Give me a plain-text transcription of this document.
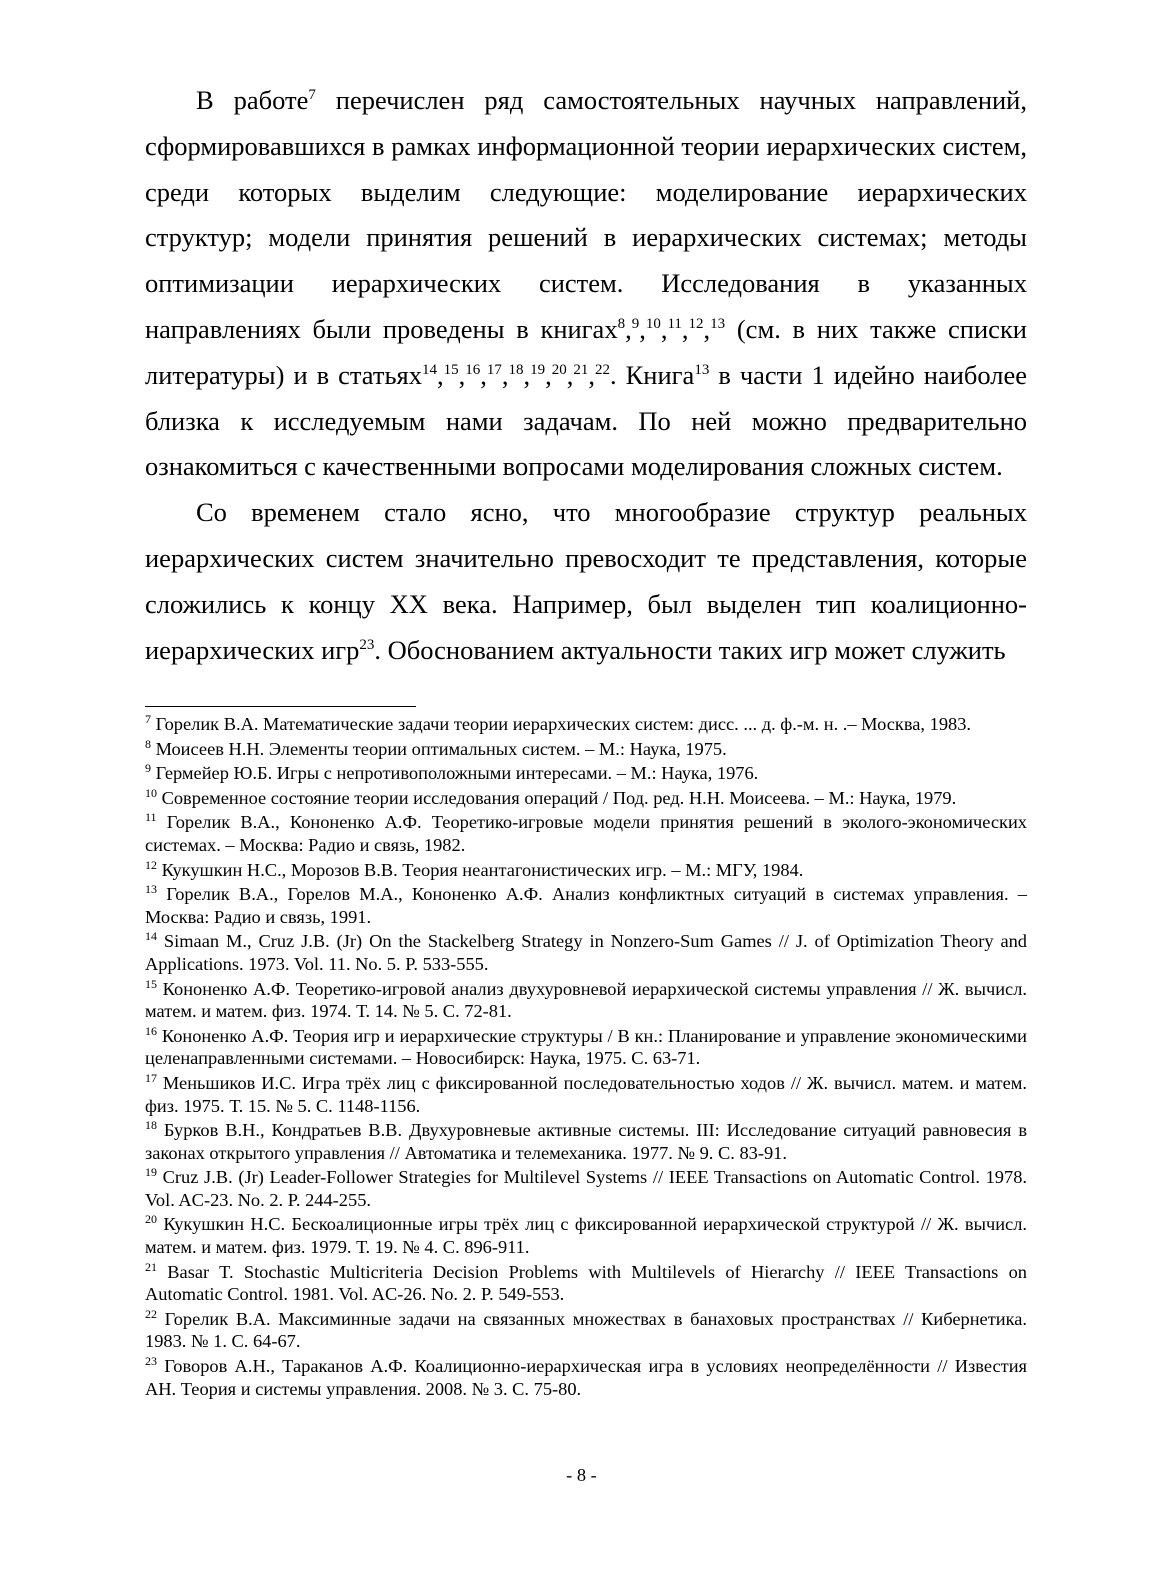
В работе$^7$ перечислен ряд самостоятельных научных направлений, сформировавшихся в рамках информационной теории иерархических систем, среди которых выделим следующие: моделирование иерархических структур; модели принятия решений в иерархических системах; методы оптимизации иерархических систем. Исследования в указанных направлениях были проведены в книгах$^8$,$^9$,$^{10}$,$^{11}$,$^{12}$,$^{13}$ (см. в них также списки литературы) и в статьях$^{14}$,$^{15}$,$^{16}$,$^{17}$,$^{18}$,$^{19}$,$^{20}$,$^{21}$,$^{22}$. Книга$^{13}$ в части 1 идейно наиболее близка к исследуемым нами задачам. По ней можно предварительно ознакомиться с качественными вопросами моделирования сложных систем.

Со временем стало ясно, что многообразие структур реальных иерархических систем значительно превосходит те представления, которые сложились к концу XX века. Например, был выделен тип коалиционно-иерархических игр$^{23}$. Обоснованием актуальности таких игр может служить

$^7$ Горелик В.А. Математические задачи теории иерархических систем: дисс. ... д. ф.-м. н. .– Москва, 1983.
$^8$ Моисеев Н.Н. Элементы теории оптимальных систем. – М.: Наука, 1975.
$^9$ Гермейер Ю.Б. Игры с непротивоположными интересами. – М.: Наука, 1976.
$^{10}$ Современное состояние теории исследования операций / Под. ред. Н.Н. Моисеева. – М.: Наука, 1979.
$^{11}$ Горелик В.А., Кононенко А.Ф. Теоретико-игровые модели принятия решений в эколого-экономических системах. – Москва: Радио и связь, 1982.
$^{12}$ Кукушкин Н.С., Морозов В.В. Теория неантагонистических игр. – М.: МГУ, 1984.
$^{13}$ Горелик В.А., Горелов М.А., Кононенко А.Ф. Анализ конфликтных ситуаций в системах управления. – Москва: Радио и связь, 1991.
$^{14}$ Simaan M., Cruz J.B. (Jr) On the Stackelberg Strategy in Nonzero-Sum Games // J. of Optimization Theory and Applications. 1973. Vol. 11. No. 5. P. 533-555.
$^{15}$ Кононенко А.Ф. Теоретико-игровой анализ двухуровневой иерархической системы управления // Ж. вычисл. матем. и матем. физ. 1974. Т. 14. № 5. С. 72-81.
$^{16}$ Кононенко А.Ф. Теория игр и иерархические структуры / В кн.: Планирование и управление экономическими целенаправленными системами. – Новосибирск: Наука, 1975. С. 63-71.
$^{17}$ Меньшиков И.С. Игра трёх лиц с фиксированной последовательностью ходов // Ж. вычисл. матем. и матем. физ. 1975. Т. 15. № 5. С. 1148-1156.
$^{18}$ Бурков В.Н., Кондратьев В.В. Двухуровневые активные системы. III: Исследование ситуаций равновесия в законах открытого управления // Автоматика и телемеханика. 1977. № 9. С. 83-91.
$^{19}$ Cruz J.B. (Jr) Leader-Follower Strategies for Multilevel Systems // IEEE Transactions on Automatic Control. 1978. Vol. AC-23. No. 2. P. 244-255.
$^{20}$ Кукушкин Н.С. Бескоалиционные игры трёх лиц с фиксированной иерархической структурой // Ж. вычисл. матем. и матем. физ. 1979. Т. 19. № 4. С. 896-911.
$^{21}$ Basar T. Stochastic Multicriteria Decision Problems with Multilevels of Hierarchy // IEEE Transactions on Automatic Control. 1981. Vol. AC-26. No. 2. P. 549-553.
$^{22}$ Горелик В.А. Максиминные задачи на связанных множествах в банаховых пространствах // Кибернетика. 1983. № 1. С. 64-67.
$^{23}$ Говоров А.Н., Тараканов А.Ф. Коалиционно-иерархическая игра в условиях неопределённости // Известия АН. Теория и системы управления. 2008. № 3. С. 75-80.
- 8 -
